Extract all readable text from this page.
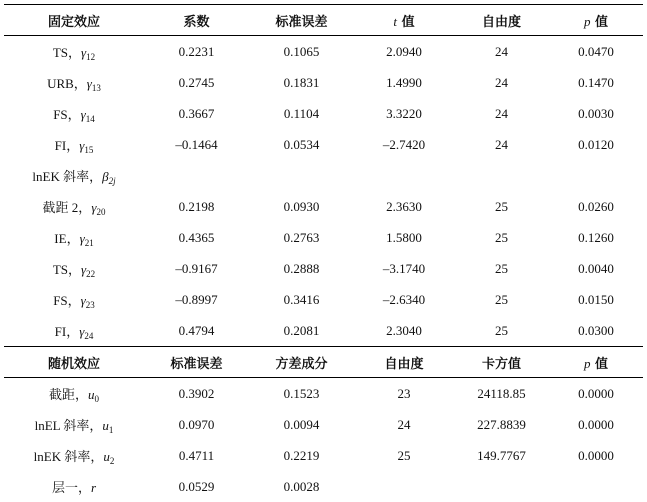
固定效应	系数	标准误差	t 值	自由度	p 值
TS，$\gamma_{12}$	0.2231	0.1065	2.0940	24	0.0470
URB，$\gamma_{13}$	0.2745	0.1831	1.4990	24	0.1470
FS，$\gamma_{14}$	0.3667	0.1104	3.3220	24	0.0030
FI，$\gamma_{15}$	–0.1464	0.0534	–2.7420	24	0.0120
lnEK 斜率，$\beta_{2j}$
截距 2，$\gamma_{20}$	0.2198	0.0930	2.3630	25	0.0260
IE，$\gamma_{21}$	0.4365	0.2763	1.5800	25	0.1260
TS，$\gamma_{22}$	–0.9167	0.2888	–3.1740	25	0.0040
FS，$\gamma_{23}$	–0.8997	0.3416	–2.6340	25	0.0150
FI，$\gamma_{24}$	0.4794	0.2081	2.3040	25	0.0300
随机效应	标准误差	方差成分	自由度	卡方值	p 值
截距，$u_0$	0.3902	0.1523	23	24118.85	0.0000
lnEL 斜率，$u_1$	0.0970	0.0094	24	227.8839	0.0000
lnEK 斜率，$u_2$	0.4711	0.2219	25	149.7767	0.0000
层一，r	0.0529	0.0028
